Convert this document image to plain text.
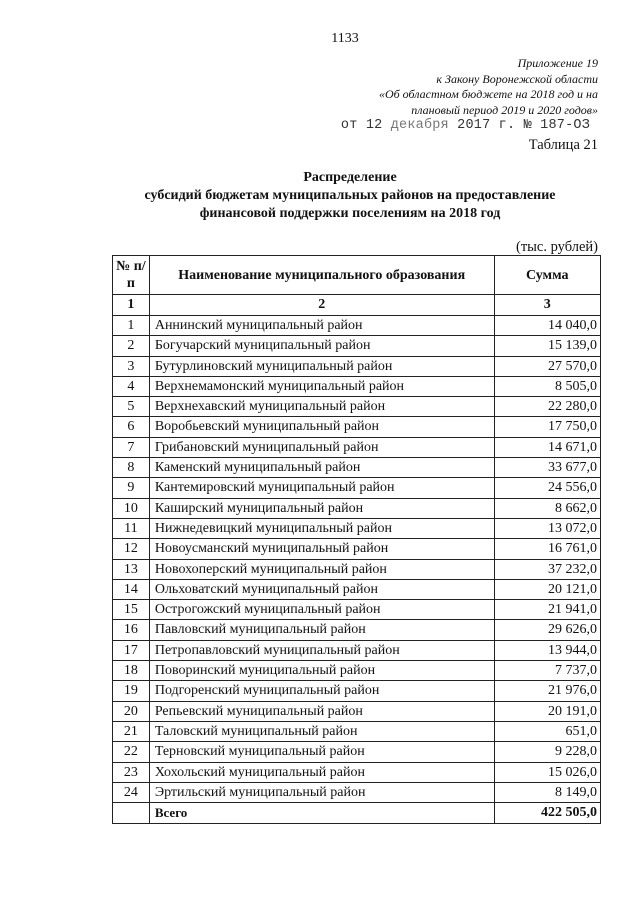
1133
Приложение 19
к Закону Воронежской области
«Об областном бюджете на 2018 год и на
плановый период 2019 и 2020 годов»
от 12 декабря 2017 г. № 187-ОЗ
Таблица 21
Распределение
субсидий бюджетам муниципальных районов на предоставление
финансовой поддержки поселениям на 2018 год
(тыс. рублей)
№ п/п	Наименование муниципального образования	Сумма
1	2	3
1	Аннинский муниципальный район	14 040,0
2	Богучарский муниципальный район	15 139,0
3	Бутурлиновский муниципальный район	27 570,0
4	Верхнемамонский муниципальный район	8 505,0
5	Верхнехавский муниципальный район	22 280,0
6	Воробьевский муниципальный район	17 750,0
7	Грибановский муниципальный район	14 671,0
8	Каменский муниципальный район	33 677,0
9	Кантемировский муниципальный район	24 556,0
10	Каширский муниципальный район	8 662,0
11	Нижнедевицкий муниципальный район	13 072,0
12	Новоусманский муниципальный район	16 761,0
13	Новохоперский муниципальный район	37 232,0
14	Ольховатский муниципальный район	20 121,0
15	Острогожский муниципальный район	21 941,0
16	Павловский муниципальный район	29 626,0
17	Петропавловский муниципальный район	13 944,0
18	Поворинский муниципальный район	7 737,0
19	Подгоренский муниципальный район	21 976,0
20	Репьевский муниципальный район	20 191,0
21	Таловский муниципальный район	651,0
22	Терновский муниципальный район	9 228,0
23	Хохольский муниципальный район	15 026,0
24	Эртильский муниципальный район	8 149,0
	Всего	422 505,0
